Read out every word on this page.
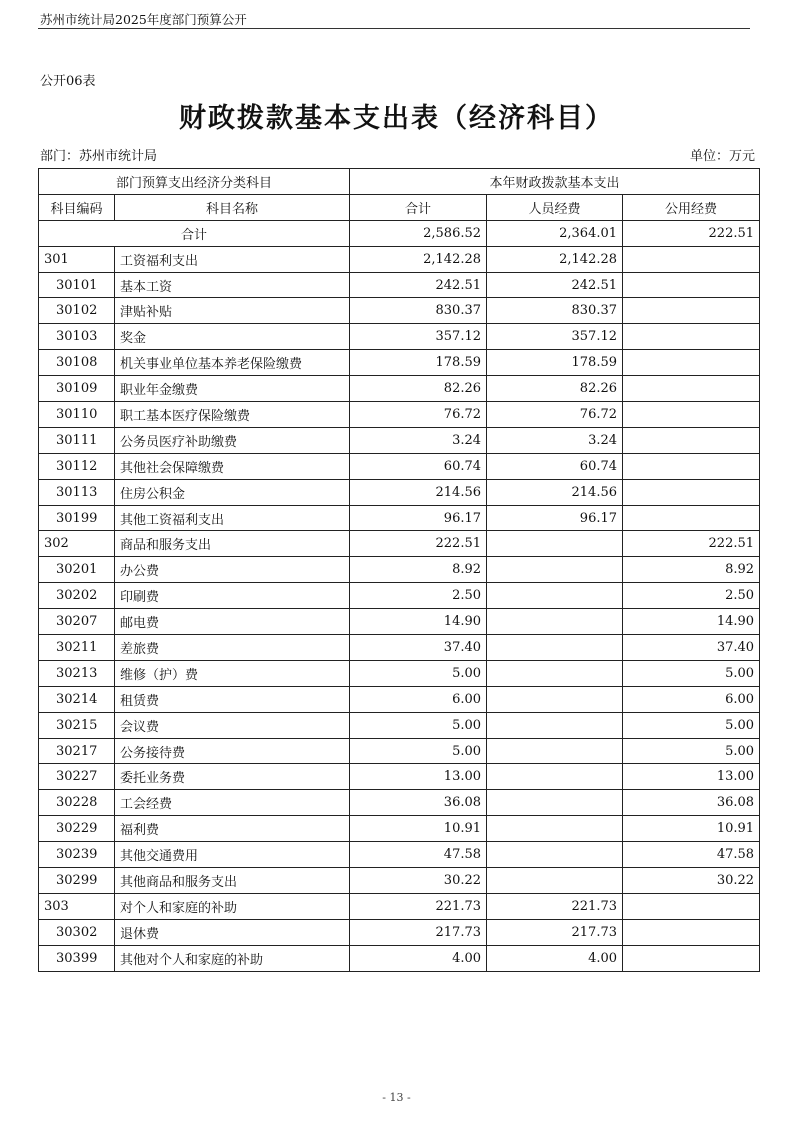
苏州市统计局2025年度部门预算公开
公开06表
财政拨款基本支出表（经济科目）
部门：苏州市统计局	单位：万元
部门预算支出经济分类科目		本年财政拨款基本支出		
科目编码	科目名称	合计	人员经费	公用经费
合计		2,586.52	2,364.01	222.51
301	工资福利支出	2,142.28	2,142.28	
30101	基本工资	242.51	242.51	
30102	津贴补贴	830.37	830.37	
30103	奖金	357.12	357.12	
30108	机关事业单位基本养老保险缴费	178.59	178.59	
30109	职业年金缴费	82.26	82.26	
30110	职工基本医疗保险缴费	76.72	76.72	
30111	公务员医疗补助缴费	3.24	3.24	
30112	其他社会保障缴费	60.74	60.74	
30113	住房公积金	214.56	214.56	
30199	其他工资福利支出	96.17	96.17	
302	商品和服务支出	222.51		222.51
30201	办公费	8.92		8.92
30202	印刷费	2.50		2.50
30207	邮电费	14.90		14.90
30211	差旅费	37.40		37.40
30213	维修（护）费	5.00		5.00
30214	租赁费	6.00		6.00
30215	会议费	5.00		5.00
30217	公务接待费	5.00		5.00
30227	委托业务费	13.00		13.00
30228	工会经费	36.08		36.08
30229	福利费	10.91		10.91
30239	其他交通费用	47.58		47.58
30299	其他商品和服务支出	30.22		30.22
303	对个人和家庭的补助	221.73	221.73	
30302	退休费	217.73	217.73	
30399	其他对个人和家庭的补助	4.00	4.00	
- 13 -
